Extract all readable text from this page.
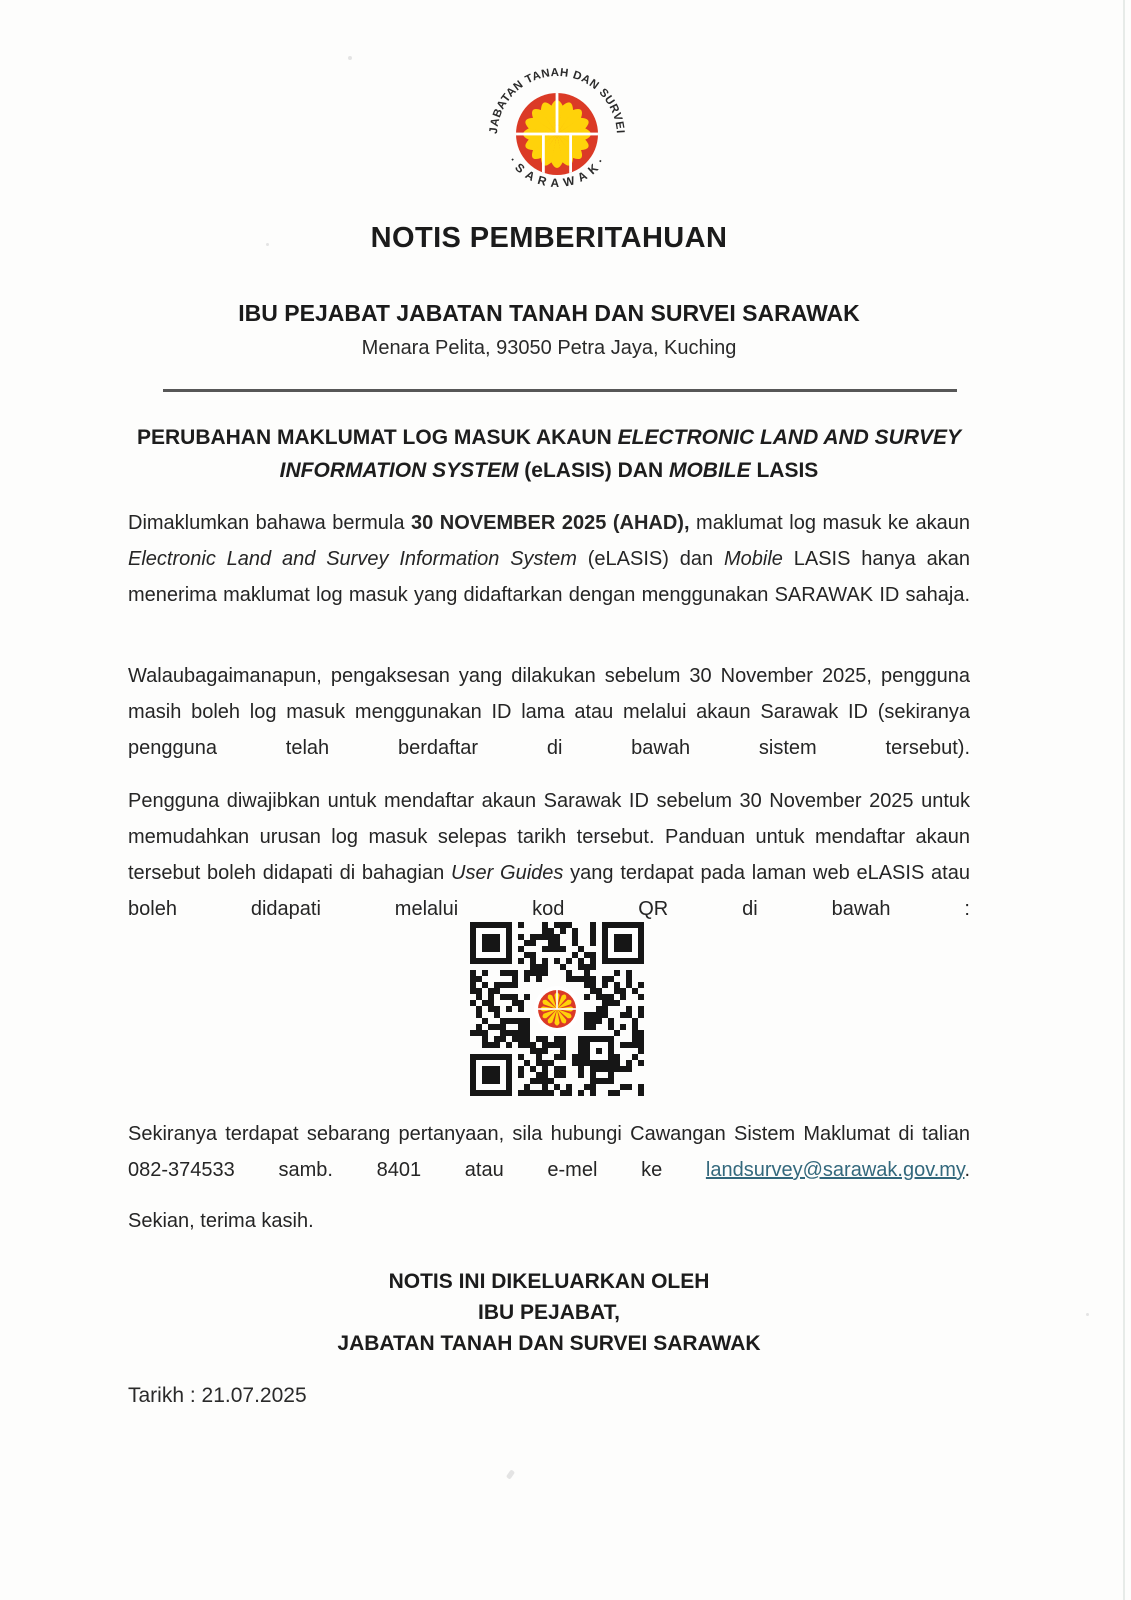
JABATAN TANAH DAN SURVEI
· S A R A W A K ·
NOTIS PEMBERITAHUAN
IBU PEJABAT JABATAN TANAH DAN SURVEI SARAWAK
Menara Pelita, 93050 Petra Jaya, Kuching
PERUBAHAN MAKLUMAT LOG MASUK AKAUN ELECTRONIC LAND AND SURVEY
INFORMATION SYSTEM (eLASIS) DAN MOBILE LASIS
Dimaklumkan bahawa bermula 30 NOVEMBER 2025 (AHAD), maklumat log masuk ke akaun Electronic Land and Survey Information System (eLASIS) dan Mobile LASIS hanya akan menerima maklumat log masuk yang didaftarkan dengan menggunakan SARAWAK ID sahaja.
Walaubagaimanapun, pengaksesan yang dilakukan sebelum 30 November 2025, pengguna masih boleh log masuk menggunakan ID lama atau melalui akaun Sarawak ID (sekiranya pengguna telah berdaftar di bawah sistem tersebut).
Pengguna diwajibkan untuk mendaftar akaun Sarawak ID sebelum 30 November 2025 untuk memudahkan urusan log masuk selepas tarikh tersebut. Panduan untuk mendaftar akaun tersebut boleh didapati di bahagian User Guides yang terdapat pada laman web eLASIS atau boleh didapati melalui kod QR di bawah :
Sekiranya terdapat sebarang pertanyaan, sila hubungi Cawangan Sistem Maklumat di talian 082-374533 samb. 8401 atau e-mel ke landsurvey@sarawak.gov.my.
Sekian, terima kasih.
NOTIS INI DIKELUARKAN OLEH
IBU PEJABAT,
JABATAN TANAH DAN SURVEI SARAWAK
Tarikh : 21.07.2025
